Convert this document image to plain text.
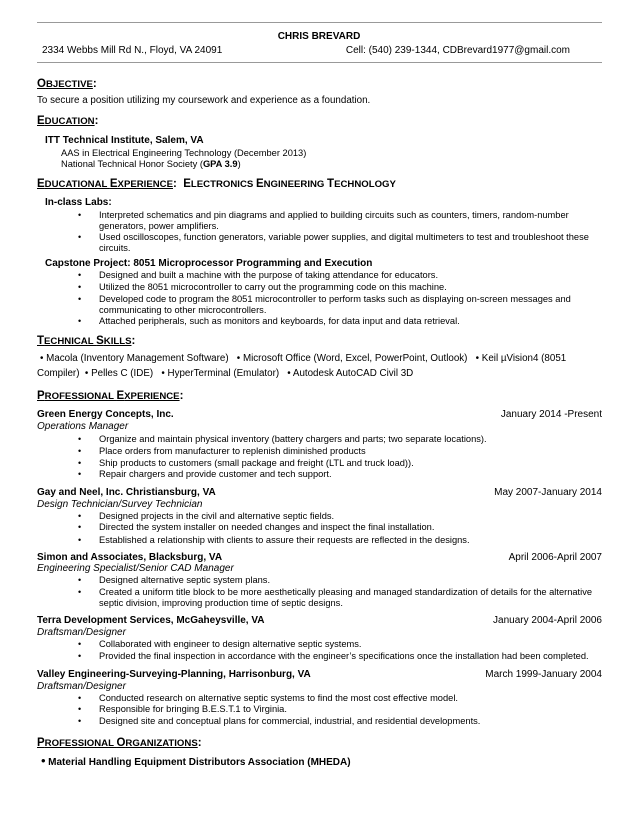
CHRIS BREVARD
2334 Webbs Mill Rd N., Floyd, VA 24091	Cell: (540) 239-1344, CDBrevard1977@gmail.com
OBJECTIVE:
To secure a position utilizing my coursework and experience as a foundation.
EDUCATION:
ITT Technical Institute, Salem, VA
AAS in Electrical Engineering Technology (December 2013)
National Technical Honor Society (GPA 3.9)
EDUCATIONAL EXPERIENCE: ELECTRONICS ENGINEERING TECHNOLOGY
In-class Labs:
•	Interpreted schematics and pin diagrams and applied to building circuits such as counters, timers, random-number
generators, power amplifiers.
•	Used oscilloscopes, function generators, variable power supplies, and digital multimeters to test and troubleshoot these
circuits.
Capstone Project: 8051 Microprocessor Programming and Execution
•	Designed and built a machine with the purpose of taking attendance for educators.
•	Utilized the 8051 microcontroller to carry out the programming code on this machine.
•	Developed code to program the 8051 microcontroller to perform tasks such as displaying on-screen messages and
communicating to other microcontrollers.
•	Attached peripherals, such as monitors and keyboards, for data input and data retrieval.
TECHNICAL SKILLS:
• Macola (Inventory Management Software) • Microsoft Office (Word, Excel, PowerPoint, Outlook) • Keil µVision4 (8051
Compiler) • Pelles C (IDE) • HyperTerminal (Emulator) • Autodesk AutoCAD Civil 3D
PROFESSIONAL EXPERIENCE:
Green Energy Concepts, Inc.	January 2014 -Present
Operations Manager
•	Organize and maintain physical inventory (battery chargers and parts; two separate locations).
•	Place orders from manufacturer to replenish diminished products
•	Ship products to customers (small package and freight (LTL and truck load)).
•	Repair chargers and provide customer and tech support.
Gay and Neel, Inc. Christiansburg, VA	May 2007-January 2014
Design Technician/Survey Technician
•	Designed projects in the civil and alternative septic fields.
•	Directed the system installer on needed changes and inspect the final installation.
•	Established a relationship with clients to assure their requests are reflected in the designs.
Simon and Associates, Blacksburg, VA	April 2006-April 2007
Engineering Specialist/Senior CAD Manager
•	Designed alternative septic system plans.
•	Created a uniform title block to be more aesthetically pleasing and managed standardization of details for the alternative
septic division, improving production time of septic designs.
Terra Development Services, McGaheysville, VA	January 2004-April 2006
Draftsman/Designer
•	Collaborated with engineer to design alternative septic systems.
•	Provided the final inspection in accordance with the engineer’s specifications once the installation had been completed.
Valley Engineering-Surveying-Planning, Harrisonburg, VA	March 1999-January 2004
Draftsman/Designer
•	Conducted research on alternative septic systems to find the most cost effective model.
•	Responsible for bringing B.E.S.T.1 to Virginia.
•	Designed site and conceptual plans for commercial, industrial, and residential developments.
PROFESSIONAL ORGANIZATIONS:
• Material Handling Equipment Distributors Association (MHEDA)
